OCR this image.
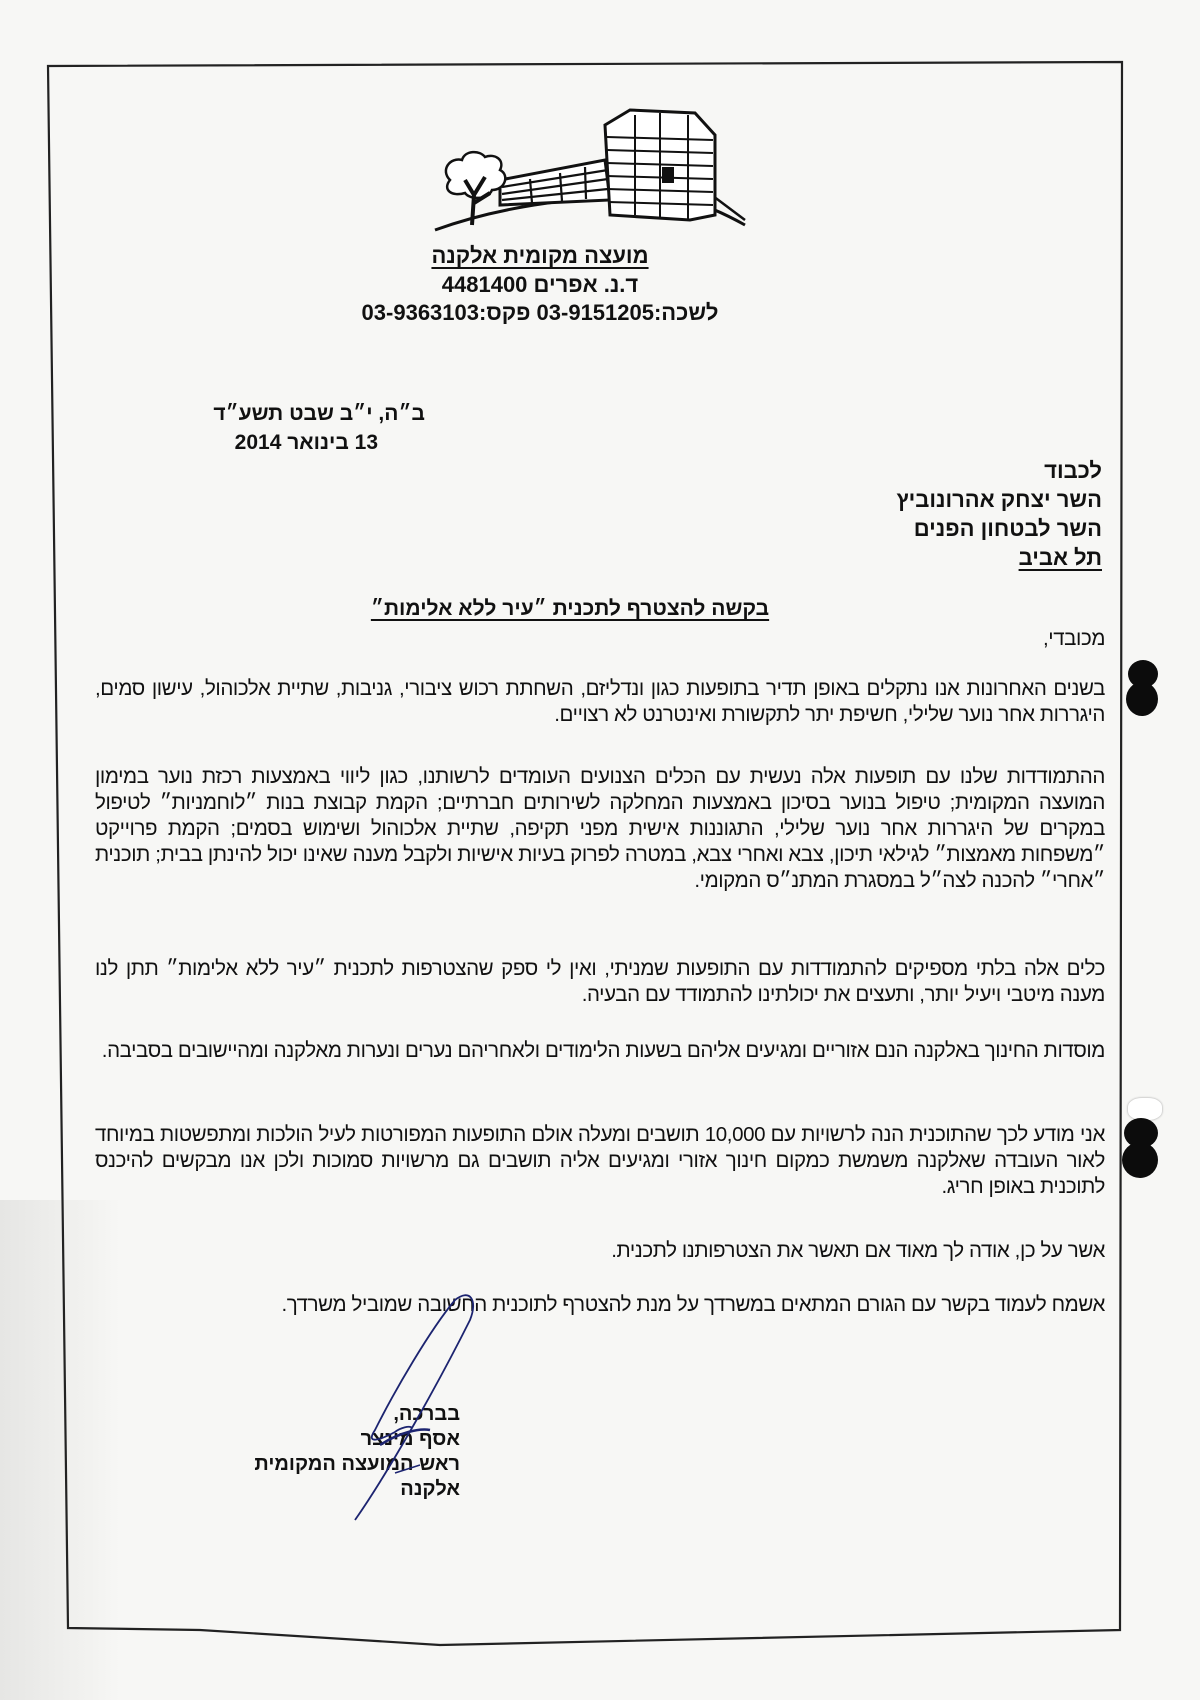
מועצה מקומית אלקנה
ד.נ. אפרים 4481400
לשכה:03-9151205 פקס:03-9363103
ב״ה, י״ב שבט תשע״ד
13 בינואר 2014
לכבוד
השר יצחק אהרונוביץ
השר לבטחון הפנים
תל אביב
בקשה להצטרף לתכנית ״עיר ללא אלימות״
מכובדי,
בשנים האחרונות אנו נתקלים באופן תדיר בתופעות כגון ונדליזם, השחתת רכוש ציבורי, גניבות, שתיית אלכוהול, עישון סמים, היגררות אחר נוער שלילי, חשיפת יתר לתקשורת ואינטרנט לא רצויים.
ההתמודדות שלנו עם תופעות אלה נעשית עם הכלים הצנועים העומדים לרשותנו, כגון ליווי באמצעות רכזת נוער במימון המועצה המקומית; טיפול בנוער בסיכון באמצעות המחלקה לשירותים חברתיים; הקמת קבוצת בנות ״לוחמניות״ לטיפול במקרים של היגררות אחר נוער שלילי, התגוננות אישית מפני תקיפה, שתיית אלכוהול ושימוש בסמים; הקמת פרוייקט ״משפחות מאמצות״ לגילאי תיכון, צבא ואחרי צבא, במטרה לפרוק בעיות אישיות ולקבל מענה שאינו יכול להינתן בבית; תוכנית ״אחרי״ להכנה לצה״ל במסגרת המתנ״ס המקומי.
כלים אלה בלתי מספיקים להתמודדות עם התופעות שמניתי, ואין לי ספק שהצטרפות לתכנית ״עיר ללא אלימות״ תתן לנו מענה מיטבי ויעיל יותר, ותעצים את יכולתינו להתמודד עם הבעיה.
מוסדות החינוך באלקנה הנם אזוריים ומגיעים אליהם בשעות הלימודים ולאחריהם נערים ונערות מאלקנה ומהיישובים בסביבה.
אני מודע לכך שהתוכנית הנה לרשויות עם 10,000 תושבים ומעלה אולם התופעות המפורטות לעיל הולכות ומתפשטות במיוחד לאור העובדה שאלקנה משמשת כמקום חינוך אזורי ומגיעים אליה תושבים גם מרשויות סמוכות ולכן אנו מבקשים להיכנס לתוכנית באופן חריג.
אשר על כן, אודה לך מאוד אם תאשר את הצטרפותנו לתכנית.
אשמח לעמוד בקשר עם הגורם המתאים במשרדך על מנת להצטרף לתוכנית החשובה שמוביל משרדך.
בברכה,
אסף מינצר
ראש המועצה המקומית
אלקנה
